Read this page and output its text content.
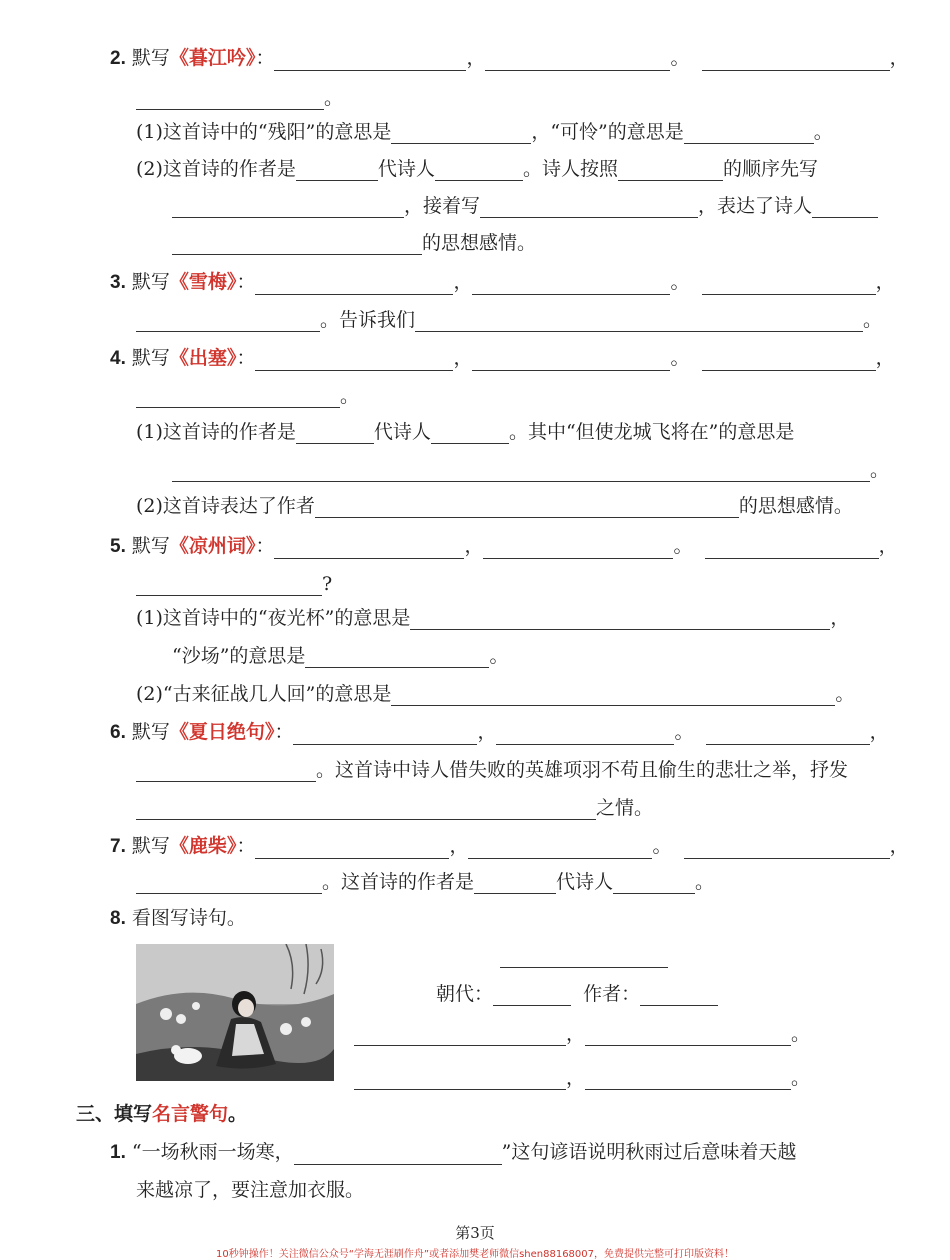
2. 默写《暮江吟》：	，	。	，
。
(1)这首诗中的“残阳”的意思是	，“可怜”的意思是	。
(2)这首诗的作者是	代诗人	。诗人按照	的顺序先写
，接着写	，表达了诗人
的思想感情。
3. 默写《雪梅》：	，	。	，
。告诉我们	。
4. 默写《出塞》：	，	。	，
。
(1)这首诗的作者是	代诗人	。其中“但使龙城飞将在”的意思是
。
(2)这首诗表达了作者	的思想感情。
5. 默写《凉州词》：	，	。	，
?
(1)这首诗中的“夜光杯”的意思是	，
“沙场”的意思是	。
(2)“古来征战几人回”的意思是	。
6. 默写《夏日绝句》：	，	。	，
。这首诗中诗人借失败的英雄项羽不苟且偷生的悲壮之举，抒发
之情。
7. 默写《鹿柴》：	，	。	，
。这首诗的作者是	代诗人	。
8. 看图写诗句。
朝代：	作者：
，	。
，	。
三、填写名言警句。
1. “一场秋雨一场寒，	”这句谚语说明秋雨过后意味着天越
来越凉了，要注意加衣服。
第3页
10秒钟操作！关注微信公众号“学海无涯刷作舟”或者添加樊老师微信shen88168007，免费提供完整可打印版资料！
